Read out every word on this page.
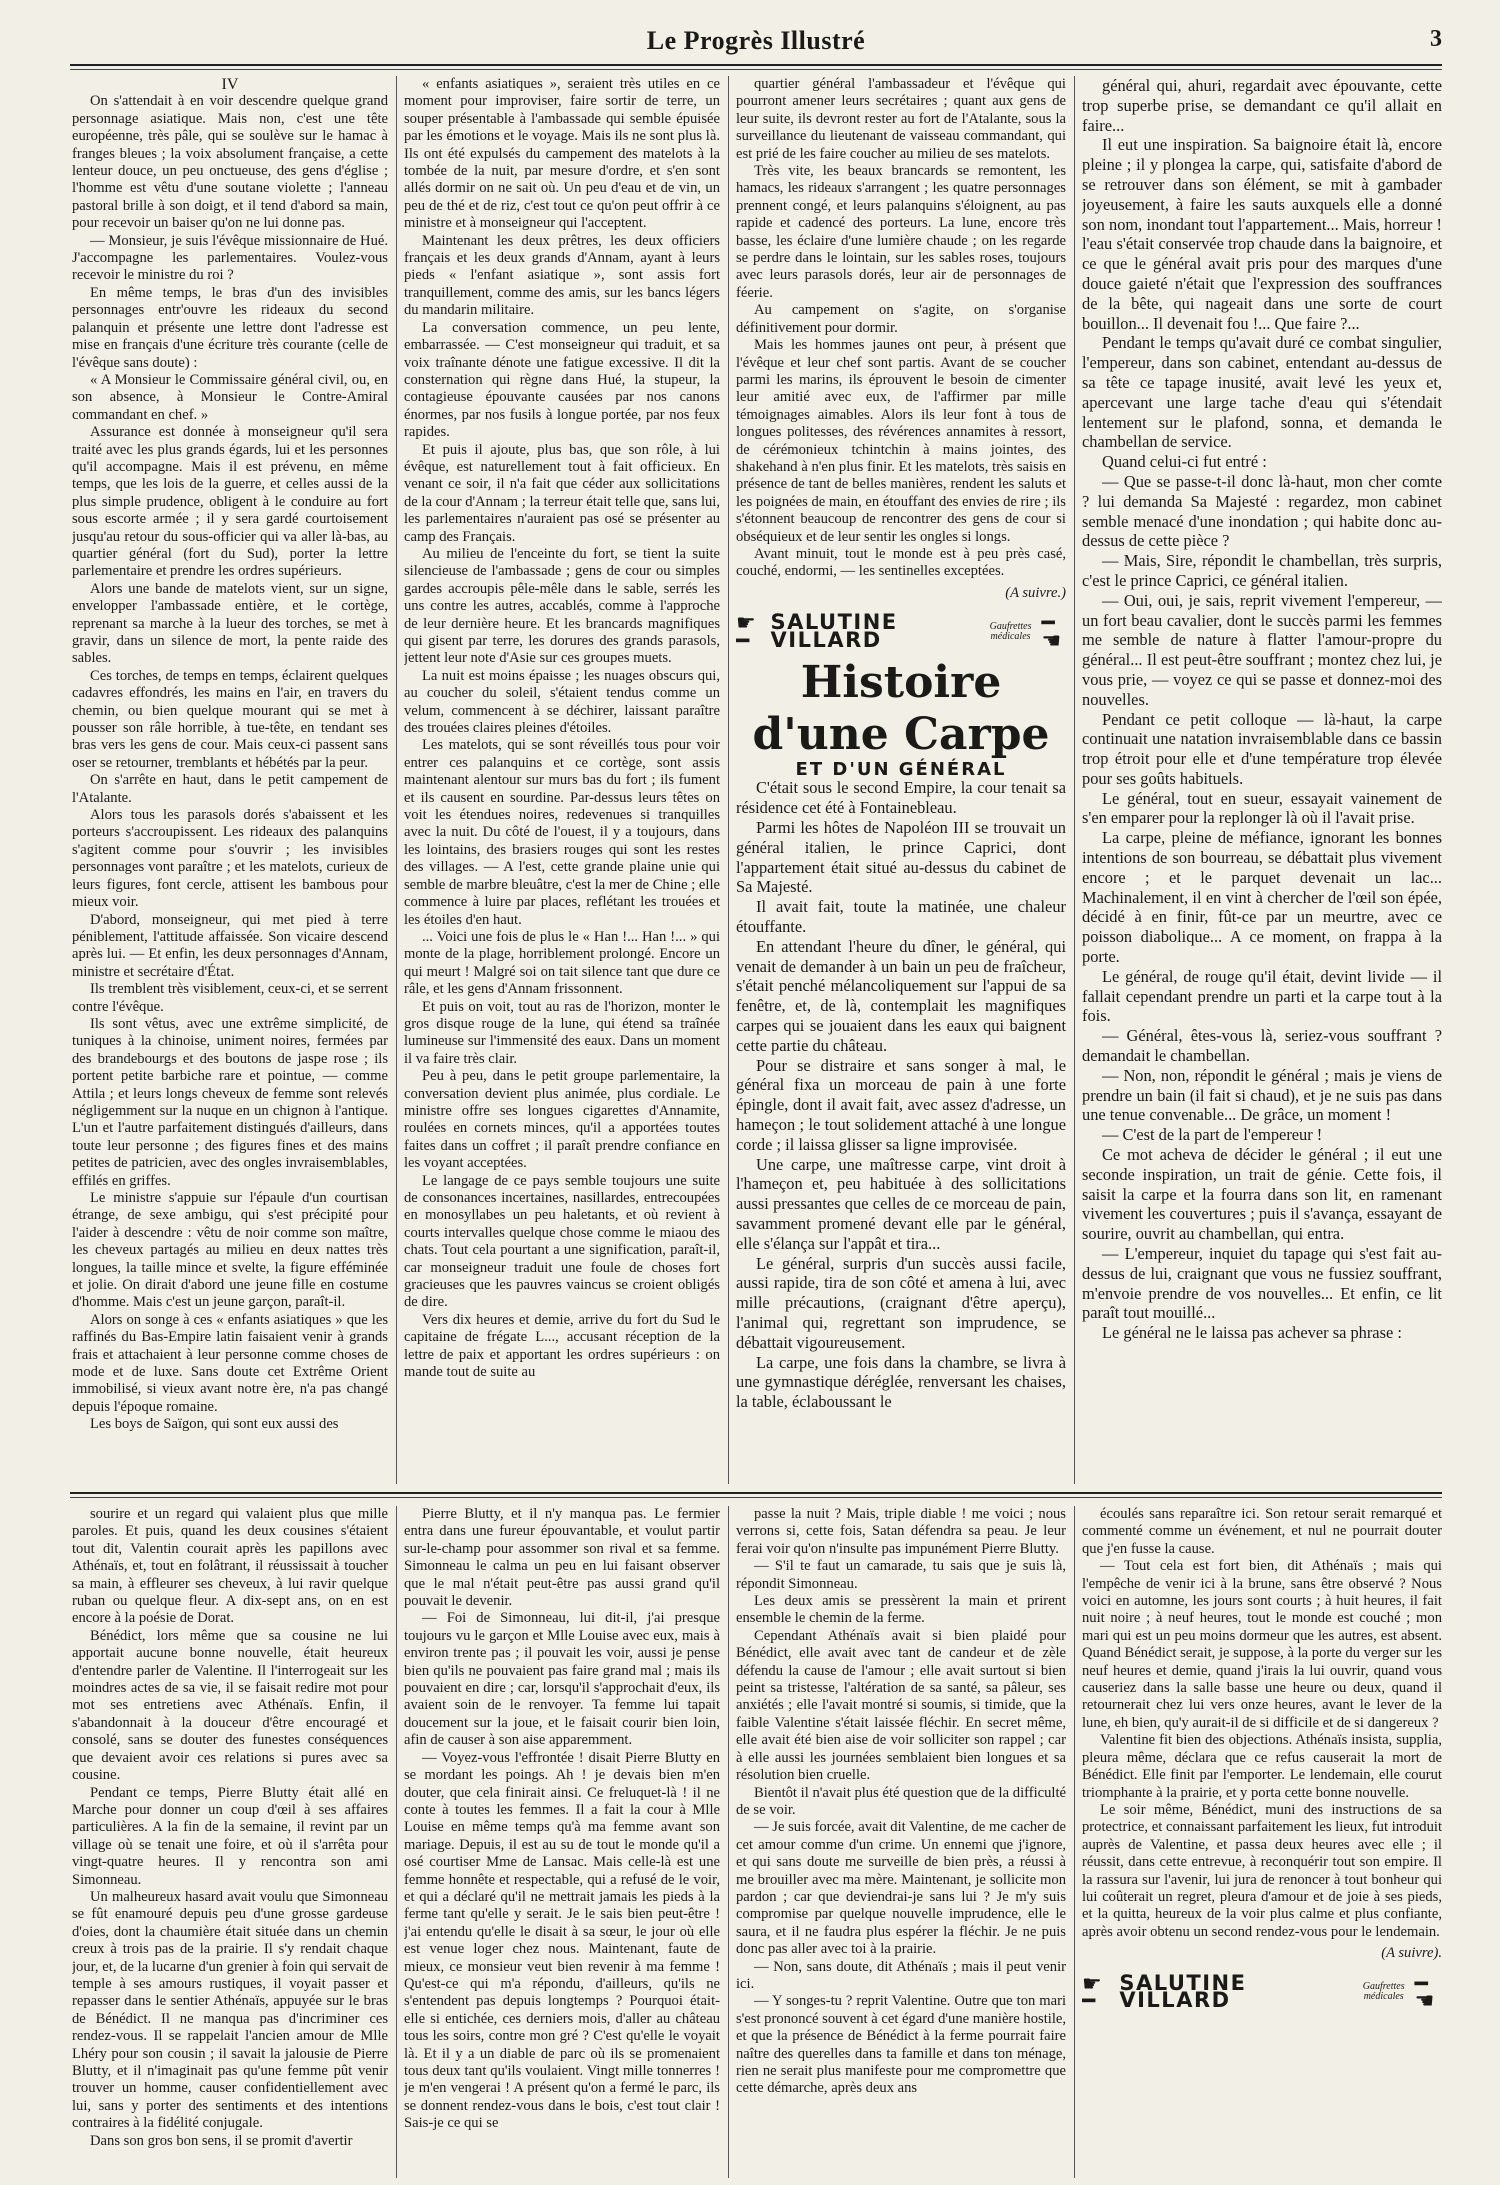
Le Progrès Illustré	3

IV

On s'attendait à en voir descendre quelque grand personnage asiatique. Mais non, c'est une tête européenne, très pâle, qui se soulève sur le hamac à franges bleues ; la voix absolument française, a cette lenteur douce, un peu onctueuse, des gens d'église ; l'homme est vêtu d'une soutane violette ; l'anneau pastoral brille à son doigt, et il tend d'abord sa main, pour recevoir un baiser qu'on ne lui donne pas.

— Monsieur, je suis l'évêque missionnaire de Hué. J'accompagne les parlementaires. Voulez-vous recevoir le ministre du roi ?

En même temps, le bras d'un des invisibles personnages entr'ouvre les rideaux du second palanquin et présente une lettre dont l'adresse est mise en français d'une écriture très courante (celle de l'évêque sans doute) :

« A Monsieur le Commissaire général civil, ou, en son absence, à Monsieur le Contre-Amiral commandant en chef. »

Assurance est donnée à monseigneur qu'il sera traité avec les plus grands égards, lui et les personnes qu'il accompagne. Mais il est prévenu, en même temps, que les lois de la guerre, et celles aussi de la plus simple prudence, obligent à le conduire au fort sous escorte armée ; il y sera gardé courtoisement jusqu'au retour du sous-officier qui va aller là-bas, au quartier général (fort du Sud), porter la lettre parlementaire et prendre les ordres supérieurs.

Alors une bande de matelots vient, sur un signe, envelopper l'ambassade entière, et le cortège, reprenant sa marche à la lueur des torches, se met à gravir, dans un silence de mort, la pente raide des sables.

Ces torches, de temps en temps, éclairent quelques cadavres effondrés, les mains en l'air, en travers du chemin, ou bien quelque mourant qui se met à pousser son râle horrible, à tue-tête, en tendant ses bras vers les gens de cour. Mais ceux-ci passent sans oser se retourner, tremblants et hébétés par la peur.

On s'arrête en haut, dans le petit campement de l'Atalante.

Alors tous les parasols dorés s'abaissent et les porteurs s'accroupissent. Les rideaux des palanquins s'agitent comme pour s'ouvrir ; les invisibles personnages vont paraître ; et les matelots, curieux de leurs figures, font cercle, attisent les bambous pour mieux voir.

D'abord, monseigneur, qui met pied à terre péniblement, l'attitude affaissée. Son vicaire descend après lui. — Et enfin, les deux personnages d'Annam, ministre et secrétaire d'État.

Ils tremblent très visiblement, ceux-ci, et se serrent contre l'évêque.

Ils sont vêtus, avec une extrême simplicité, de tuniques à la chinoise, uniment noires, fermées par des brandebourgs et des boutons de jaspe rose ; ils portent petite barbiche rare et pointue, — comme Attila ; et leurs longs cheveux de femme sont relevés négligemment sur la nuque en un chignon à l'antique. L'un et l'autre parfaitement distingués d'ailleurs, dans toute leur personne ; des figures fines et des mains petites de patricien, avec des ongles invraisemblables, effilés en griffes.

Le ministre s'appuie sur l'épaule d'un courtisan étrange, de sexe ambigu, qui s'est précipité pour l'aider à descendre : vêtu de noir comme son maître, les cheveux partagés au milieu en deux nattes très longues, la taille mince et svelte, la figure efféminée et jolie. On dirait d'abord une jeune fille en costume d'homme. Mais c'est un jeune garçon, paraît-il.

Alors on songe à ces « enfants asiatiques » que les raffinés du Bas-Empire latin faisaient venir à grands frais et attachaient à leur personne comme choses de mode et de luxe. Sans doute cet Extrême Orient immobilisé, si vieux avant notre ère, n'a pas changé depuis l'époque romaine.

Les boys de Saïgon, qui sont eux aussi des

« enfants asiatiques », seraient très utiles en ce moment pour improviser, faire sortir de terre, un souper présentable à l'ambassade qui semble épuisée par les émotions et le voyage. Mais ils ne sont plus là. Ils ont été expulsés du campement des matelots à la tombée de la nuit, par mesure d'ordre, et s'en sont allés dormir on ne sait où. Un peu d'eau et de vin, un peu de thé et de riz, c'est tout ce qu'on peut offrir à ce ministre et à monseigneur qui l'acceptent.

Maintenant les deux prêtres, les deux officiers français et les deux grands d'Annam, ayant à leurs pieds « l'enfant asiatique », sont assis fort tranquillement, comme des amis, sur les bancs légers du mandarin militaire.

La conversation commence, un peu lente, embarrassée. — C'est monseigneur qui traduit, et sa voix traînante dénote une fatigue excessive. Il dit la consternation qui règne dans Hué, la stupeur, la contagieuse épouvante causées par nos canons énormes, par nos fusils à longue portée, par nos feux rapides.

Et puis il ajoute, plus bas, que son rôle, à lui évêque, est naturellement tout à fait officieux. En venant ce soir, il n'a fait que céder aux sollicitations de la cour d'Annam ; la terreur était telle que, sans lui, les parlementaires n'auraient pas osé se présenter au camp des Français.

Au milieu de l'enceinte du fort, se tient la suite silencieuse de l'ambassade ; gens de cour ou simples gardes accroupis pêle-mêle dans le sable, serrés les uns contre les autres, accablés, comme à l'approche de leur dernière heure. Et les brancards magnifiques qui gisent par terre, les dorures des grands parasols, jettent leur note d'Asie sur ces groupes muets.

La nuit est moins épaisse ; les nuages obscurs qui, au coucher du soleil, s'étaient tendus comme un velum, commencent à se déchirer, laissant paraître des trouées claires pleines d'étoiles.

Les matelots, qui se sont réveillés tous pour voir entrer ces palanquins et ce cortège, sont assis maintenant alentour sur murs bas du fort ; ils fument et ils causent en sourdine. Par-dessus leurs têtes on voit les étendues noires, redevenues si tranquilles avec la nuit. Du côté de l'ouest, il y a toujours, dans les lointains, des brasiers rouges qui sont les restes des villages. — A l'est, cette grande plaine unie qui semble de marbre bleuâtre, c'est la mer de Chine ; elle commence à luire par places, reflétant les trouées et les étoiles d'en haut.

... Voici une fois de plus le « Han !... Han !... » qui monte de la plage, horriblement prolongé. Encore un qui meurt ! Malgré soi on tait silence tant que dure ce râle, et les gens d'Annam frissonnent.

Et puis on voit, tout au ras de l'horizon, monter le gros disque rouge de la lune, qui étend sa traînée lumineuse sur l'immensité des eaux. Dans un moment il va faire très clair.

Peu à peu, dans le petit groupe parlementaire, la conversation devient plus animée, plus cordiale. Le ministre offre ses longues cigarettes d'Annamite, roulées en cornets minces, qu'il a apportées toutes faites dans un coffret ; il paraît prendre confiance en les voyant acceptées.

Le langage de ce pays semble toujours une suite de consonances incertaines, nasillardes, entrecoupées en monosyllabes un peu haletants, et où revient à courts intervalles quelque chose comme le miaou des chats. Tout cela pourtant a une signification, paraît-il, car monseigneur traduit une foule de choses fort gracieuses que les pauvres vaincus se croient obligés de dire.

Vers dix heures et demie, arrive du fort du Sud le capitaine de frégate L..., accusant réception de la lettre de paix et apportant les ordres supérieurs : on mande tout de suite au

quartier général l'ambassadeur et l'évêque qui pourront amener leurs secrétaires ; quant aux gens de leur suite, ils devront rester au fort de l'Atalante, sous la surveillance du lieutenant de vaisseau commandant, qui est prié de les faire coucher au milieu de ses matelots.

Très vite, les beaux brancards se remontent, les hamacs, les rideaux s'arrangent ; les quatre personnages prennent congé, et leurs palanquins s'éloignent, au pas rapide et cadencé des porteurs. La lune, encore très basse, les éclaire d'une lumière chaude ; on les regarde se perdre dans le lointain, sur les sables roses, toujours avec leurs parasols dorés, leur air de personnages de féerie.

Au campement on s'agite, on s'organise définitivement pour dormir.

Mais les hommes jaunes ont peur, à présent que l'évêque et leur chef sont partis. Avant de se coucher parmi les marins, ils éprouvent le besoin de cimenter leur amitié avec eux, de l'affirmer par mille témoignages aimables. Alors ils leur font à tous de longues politesses, des révérences annamites à ressort, de cérémonieux tchintchin à mains jointes, des shakehand à n'en plus finir. Et les matelots, très saisis en présence de tant de belles manières, rendent les saluts et les poignées de main, en étouffant des envies de rire ; ils s'étonnent beaucoup de rencontrer des gens de cour si obséquieux et de leur sentir les ongles si longs.

Avant minuit, tout le monde est à peu près casé, couché, endormi, — les sentinelles exceptées.

(A suivre.)

☛━
SALUTINE VILLARD
Gaufrettes
médicales
━☚

Histoire d'une Carpe

ET D'UN GÉNÉRAL

C'était sous le second Empire, la cour tenait sa résidence cet été à Fontainebleau.

Parmi les hôtes de Napoléon III se trouvait un général italien, le prince Caprici, dont l'appartement était situé au-dessus du cabinet de Sa Majesté.

Il avait fait, toute la matinée, une chaleur étouffante.

En attendant l'heure du dîner, le général, qui venait de demander à un bain un peu de fraîcheur, s'était penché mélancoliquement sur l'appui de sa fenêtre, et, de là, contemplait les magnifiques carpes qui se jouaient dans les eaux qui baignent cette partie du château.

Pour se distraire et sans songer à mal, le général fixa un morceau de pain à une forte épingle, dont il avait fait, avec assez d'adresse, un hameçon ; le tout solidement attaché à une longue corde ; il laissa glisser sa ligne improvisée.

Une carpe, une maîtresse carpe, vint droit à l'hameçon et, peu habituée à des sollicitations aussi pressantes que celles de ce morceau de pain, savamment promené devant elle par le général, elle s'élança sur l'appât et tira...

Le général, surpris d'un succès aussi facile, aussi rapide, tira de son côté et amena à lui, avec mille précautions, (craignant d'être aperçu), l'animal qui, regrettant son imprudence, se débattait vigoureusement.

La carpe, une fois dans la chambre, se livra à une gymnastique déréglée, renversant les chaises, la table, éclaboussant le

général qui, ahuri, regardait avec épouvante, cette trop superbe prise, se demandant ce qu'il allait en faire...

Il eut une inspiration. Sa baignoire était là, encore pleine ; il y plongea la carpe, qui, satisfaite d'abord de se retrouver dans son élément, se mit à gambader joyeusement, à faire les sauts auxquels elle a donné son nom, inondant tout l'appartement... Mais, horreur ! l'eau s'était conservée trop chaude dans la baignoire, et ce que le général avait pris pour des marques d'une douce gaieté n'était que l'expression des souffrances de la bête, qui nageait dans une sorte de court bouillon... Il devenait fou !... Que faire ?...

Pendant le temps qu'avait duré ce combat singulier, l'empereur, dans son cabinet, entendant au-dessus de sa tête ce tapage inusité, avait levé les yeux et, apercevant une large tache d'eau qui s'étendait lentement sur le plafond, sonna, et demanda le chambellan de service.

Quand celui-ci fut entré :

— Que se passe-t-il donc là-haut, mon cher comte ? lui demanda Sa Majesté : regardez, mon cabinet semble menacé d'une inondation ; qui habite donc au-dessus de cette pièce ?

— Mais, Sire, répondit le chambellan, très surpris, c'est le prince Caprici, ce général italien.

— Oui, oui, je sais, reprit vivement l'empereur, — un fort beau cavalier, dont le succès parmi les femmes me semble de nature à flatter l'amour-propre du général... Il est peut-être souffrant ; montez chez lui, je vous prie, — voyez ce qui se passe et donnez-moi des nouvelles.

Pendant ce petit colloque — là-haut, la carpe continuait une natation invraisemblable dans ce bassin trop étroit pour elle et d'une température trop élevée pour ses goûts habituels.

Le général, tout en sueur, essayait vainement de s'en emparer pour la replonger là où il l'avait prise.

La carpe, pleine de méfiance, ignorant les bonnes intentions de son bourreau, se débattait plus vivement encore ; et le parquet devenait un lac... Machinalement, il en vint à chercher de l'œil son épée, décidé à en finir, fût-ce par un meurtre, avec ce poisson diabolique... A ce moment, on frappa à la porte.

Le général, de rouge qu'il était, devint livide — il fallait cependant prendre un parti et la carpe tout à la fois.

— Général, êtes-vous là, seriez-vous souffrant ? demandait le chambellan.

— Non, non, répondit le général ; mais je viens de prendre un bain (il fait si chaud), et je ne suis pas dans une tenue convenable... De grâce, un moment !

— C'est de la part de l'empereur !

Ce mot acheva de décider le général ; il eut une seconde inspiration, un trait de génie. Cette fois, il saisit la carpe et la fourra dans son lit, en ramenant vivement les couvertures ; puis il s'avança, essayant de sourire, ouvrit au chambellan, qui entra.

— L'empereur, inquiet du tapage qui s'est fait au-dessus de lui, craignant que vous ne fussiez souffrant, m'envoie prendre de vos nouvelles... Et enfin, ce lit paraît tout mouillé...

Le général ne le laissa pas achever sa phrase :

sourire et un regard qui valaient plus que mille paroles. Et puis, quand les deux cousines s'étaient tout dit, Valentin courait après les papillons avec Athénaïs, et, tout en folâtrant, il réussissait à toucher sa main, à effleurer ses cheveux, à lui ravir quelque ruban ou quelque fleur. A dix-sept ans, on en est encore à la poésie de Dorat.

Bénédict, lors même que sa cousine ne lui apportait aucune bonne nouvelle, était heureux d'entendre parler de Valentine. Il l'interrogeait sur les moindres actes de sa vie, il se faisait redire mot pour mot ses entretiens avec Athénaïs. Enfin, il s'abandonnait à la douceur d'être encouragé et consolé, sans se douter des funestes conséquences que devaient avoir ces relations si pures avec sa cousine.

Pendant ce temps, Pierre Blutty était allé en Marche pour donner un coup d'œil à ses affaires particulières. A la fin de la semaine, il revint par un village où se tenait une foire, et où il s'arrêta pour vingt-quatre heures. Il y rencontra son ami Simonneau.

Un malheureux hasard avait voulu que Simonneau se fût enamouré depuis peu d'une grosse gardeuse d'oies, dont la chaumière était située dans un chemin creux à trois pas de la prairie. Il s'y rendait chaque jour, et, de la lucarne d'un grenier à foin qui servait de temple à ses amours rustiques, il voyait passer et repasser dans le sentier Athénaïs, appuyée sur le bras de Bénédict. Il ne manqua pas d'incriminer ces rendez-vous. Il se rappelait l'ancien amour de Mlle Lhéry pour son cousin ; il savait la jalousie de Pierre Blutty, et il n'imaginait pas qu'une femme pût venir trouver un homme, causer confidentiellement avec lui, sans y porter des sentiments et des intentions contraires à la fidélité conjugale.

Dans son gros bon sens, il se promit d'avertir

Pierre Blutty, et il n'y manqua pas. Le fermier entra dans une fureur épouvantable, et voulut partir sur-le-champ pour assommer son rival et sa femme. Simonneau le calma un peu en lui faisant observer que le mal n'était peut-être pas aussi grand qu'il pouvait le devenir.

— Foi de Simonneau, lui dit-il, j'ai presque toujours vu le garçon et Mlle Louise avec eux, mais à environ trente pas ; il pouvait les voir, aussi je pense bien qu'ils ne pouvaient pas faire grand mal ; mais ils pouvaient en dire ; car, lorsqu'il s'approchait d'eux, ils avaient soin de le renvoyer. Ta femme lui tapait doucement sur la joue, et le faisait courir bien loin, afin de causer à son aise apparemment.

— Voyez-vous l'effrontée ! disait Pierre Blutty en se mordant les poings. Ah ! je devais bien m'en douter, que cela finirait ainsi. Ce freluquet-là ! il ne conte à toutes les femmes. Il a fait la cour à Mlle Louise en même temps qu'à ma femme avant son mariage. Depuis, il est au su de tout le monde qu'il a osé courtiser Mme de Lansac. Mais celle-là est une femme honnête et respectable, qui a refusé de le voir, et qui a déclaré qu'il ne mettrait jamais les pieds à la ferme tant qu'elle y serait. Je le sais bien peut-être ! j'ai entendu qu'elle le disait à sa sœur, le jour où elle est venue loger chez nous. Maintenant, faute de mieux, ce monsieur veut bien revenir à ma femme ! Qu'est-ce qui m'a répondu, d'ailleurs, qu'ils ne s'entendent pas depuis longtemps ? Pourquoi était-elle si entichée, ces derniers mois, d'aller au château tous les soirs, contre mon gré ? C'est qu'elle le voyait là. Et il y a un diable de parc où ils se promenaient tous deux tant qu'ils voulaient. Vingt mille tonnerres ! je m'en vengerai ! A présent qu'on a fermé le parc, ils se donnent rendez-vous dans le bois, c'est tout clair ! Sais-je ce qui se

passe la nuit ? Mais, triple diable ! me voici ; nous verrons si, cette fois, Satan défendra sa peau. Je leur ferai voir qu'on n'insulte pas impunément Pierre Blutty.

— S'il te faut un camarade, tu sais que je suis là, répondit Simonneau.

Les deux amis se pressèrent la main et prirent ensemble le chemin de la ferme.

Cependant Athénaïs avait si bien plaidé pour Bénédict, elle avait avec tant de candeur et de zèle défendu la cause de l'amour ; elle avait surtout si bien peint sa tristesse, l'altération de sa santé, sa pâleur, ses anxiétés ; elle l'avait montré si soumis, si timide, que la faible Valentine s'était laissée fléchir. En secret même, elle avait été bien aise de voir solliciter son rappel ; car à elle aussi les journées semblaient bien longues et sa résolution bien cruelle.

Bientôt il n'avait plus été question que de la difficulté de se voir.

— Je suis forcée, avait dit Valentine, de me cacher de cet amour comme d'un crime. Un ennemi que j'ignore, et qui sans doute me surveille de bien près, a réussi à me brouiller avec ma mère. Maintenant, je sollicite mon pardon ; car que deviendrai-je sans lui ? Je m'y suis compromise par quelque nouvelle imprudence, elle le saura, et il ne faudra plus espérer la fléchir. Je ne puis donc pas aller avec toi à la prairie.

— Non, sans doute, dit Athénaïs ; mais il peut venir ici.

— Y songes-tu ? reprit Valentine. Outre que ton mari s'est prononcé souvent à cet égard d'une manière hostile, et que la présence de Bénédict à la ferme pourrait faire naître des querelles dans ta famille et dans ton ménage, rien ne serait plus manifeste pour me compromettre que cette démarche, après deux ans

écoulés sans reparaître ici. Son retour serait remarqué et commenté comme un événement, et nul ne pourrait douter que j'en fusse la cause.

— Tout cela est fort bien, dit Athénaïs ; mais qui l'empêche de venir ici à la brune, sans être observé ? Nous voici en automne, les jours sont courts ; à huit heures, il fait nuit noire ; à neuf heures, tout le monde est couché ; mon mari qui est un peu moins dormeur que les autres, est absent. Quand Bénédict serait, je suppose, à la porte du verger sur les neuf heures et demie, quand j'irais la lui ouvrir, quand vous causeriez dans la salle basse une heure ou deux, quand il retournerait chez lui vers onze heures, avant le lever de la lune, eh bien, qu'y aurait-il de si difficile et de si dangereux ?

Valentine fit bien des objections. Athénaïs insista, supplia, pleura même, déclara que ce refus causerait la mort de Bénédict. Elle finit par l'emporter. Le lendemain, elle courut triomphante à la prairie, et y porta cette bonne nouvelle.

Le soir même, Bénédict, muni des instructions de sa protectrice, et connaissant parfaitement les lieux, fut introduit auprès de Valentine, et passa deux heures avec elle ; il réussit, dans cette entrevue, à reconquérir tout son empire. Il la rassura sur l'avenir, lui jura de renoncer à tout bonheur qui lui coûterait un regret, pleura d'amour et de joie à ses pieds, et la quitta, heureux de la voir plus calme et plus confiante, après avoir obtenu un second rendez-vous pour le lendemain.

(A suivre).

☛━
SALUTINE VILLARD
Gaufrettes
médicales
━☚
